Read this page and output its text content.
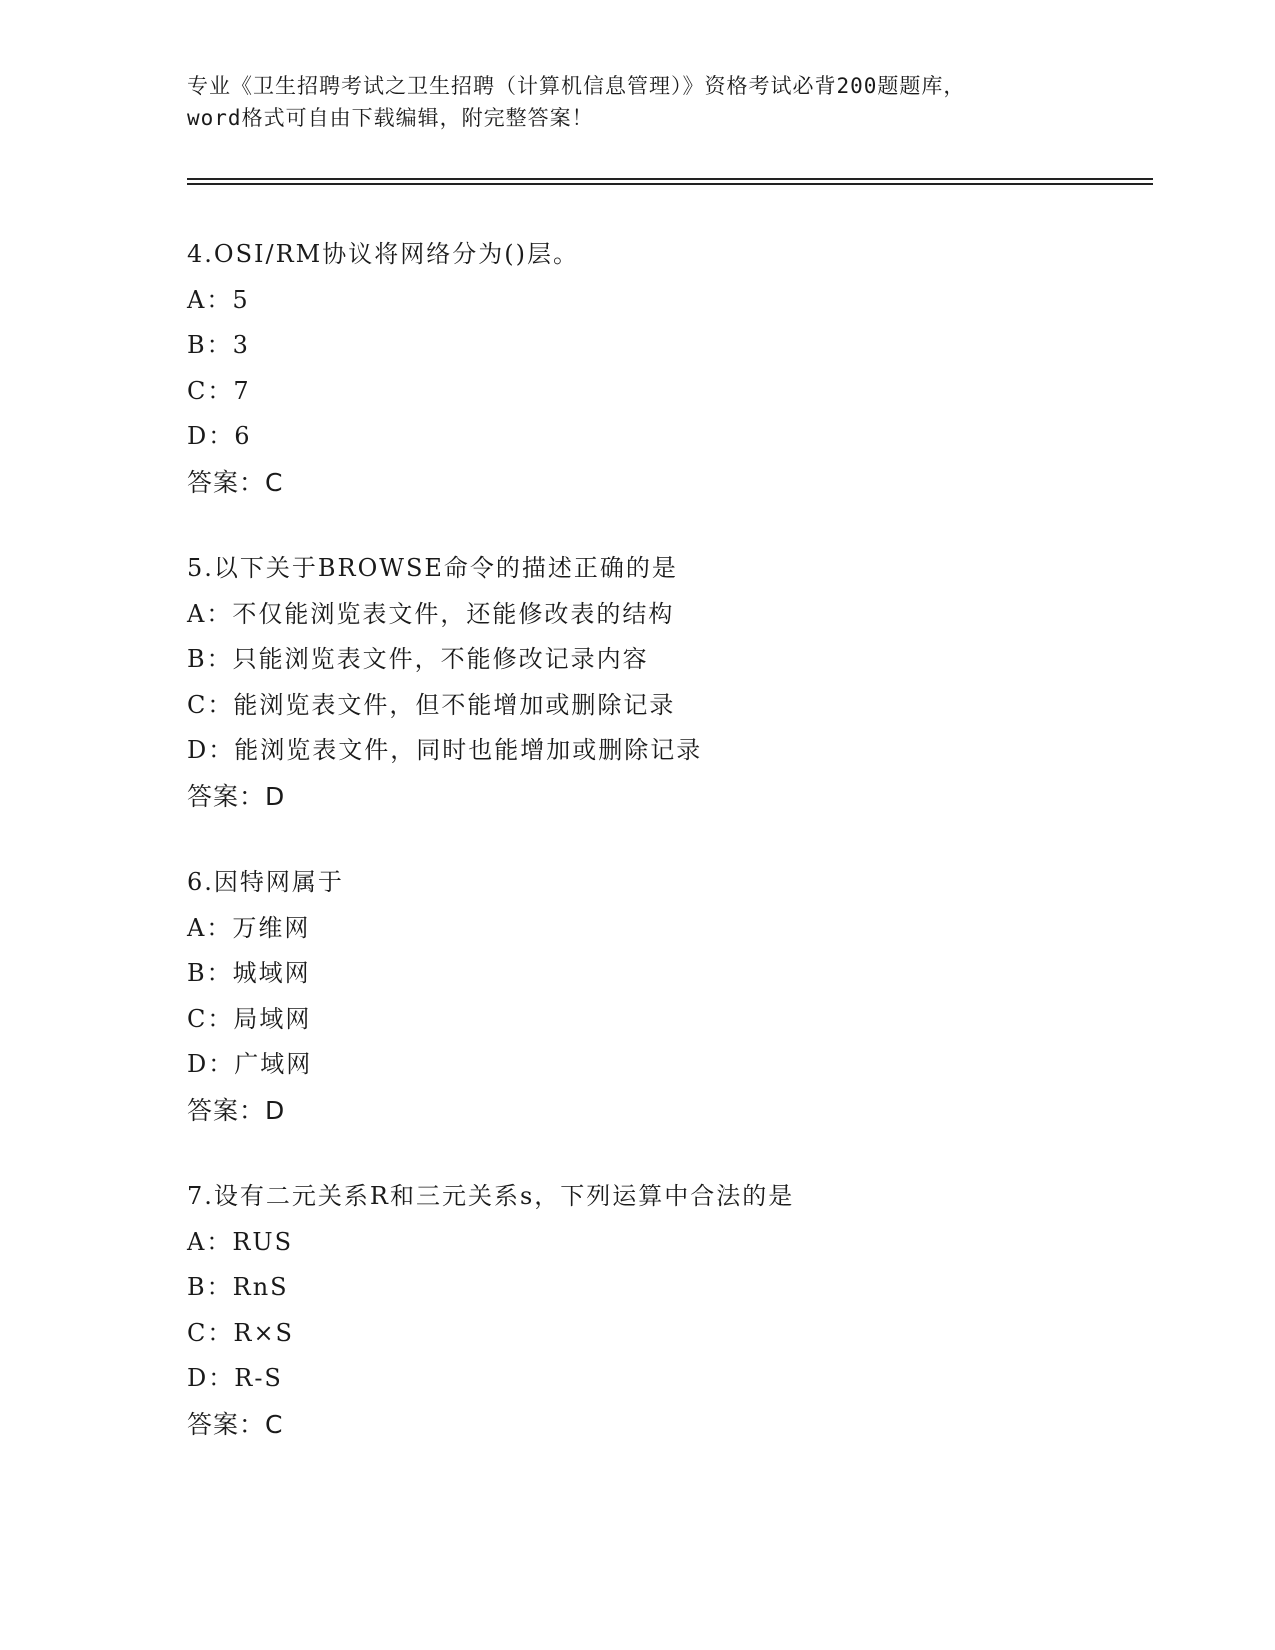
专业《卫生招聘考试之卫生招聘（计算机信息管理）》资格考试必背200题题库，
word格式可自由下载编辑，附完整答案！
4.OSI/RM协议将网络分为()层。
A：5
B：3
C：7
D：6
答案：C
5.以下关于BROWSE命令的描述正确的是
A：不仅能浏览表文件，还能修改表的结构
B：只能浏览表文件，不能修改记录内容
C：能浏览表文件，但不能增加或删除记录
D：能浏览表文件，同时也能增加或删除记录
答案：D
6.因特网属于
A：万维网
B：城域网
C：局域网
D：广域网
答案：D
7.设有二元关系R和三元关系s，下列运算中合法的是
A：RUS
B：RnS
C：R×S
D：R-S
答案：C
